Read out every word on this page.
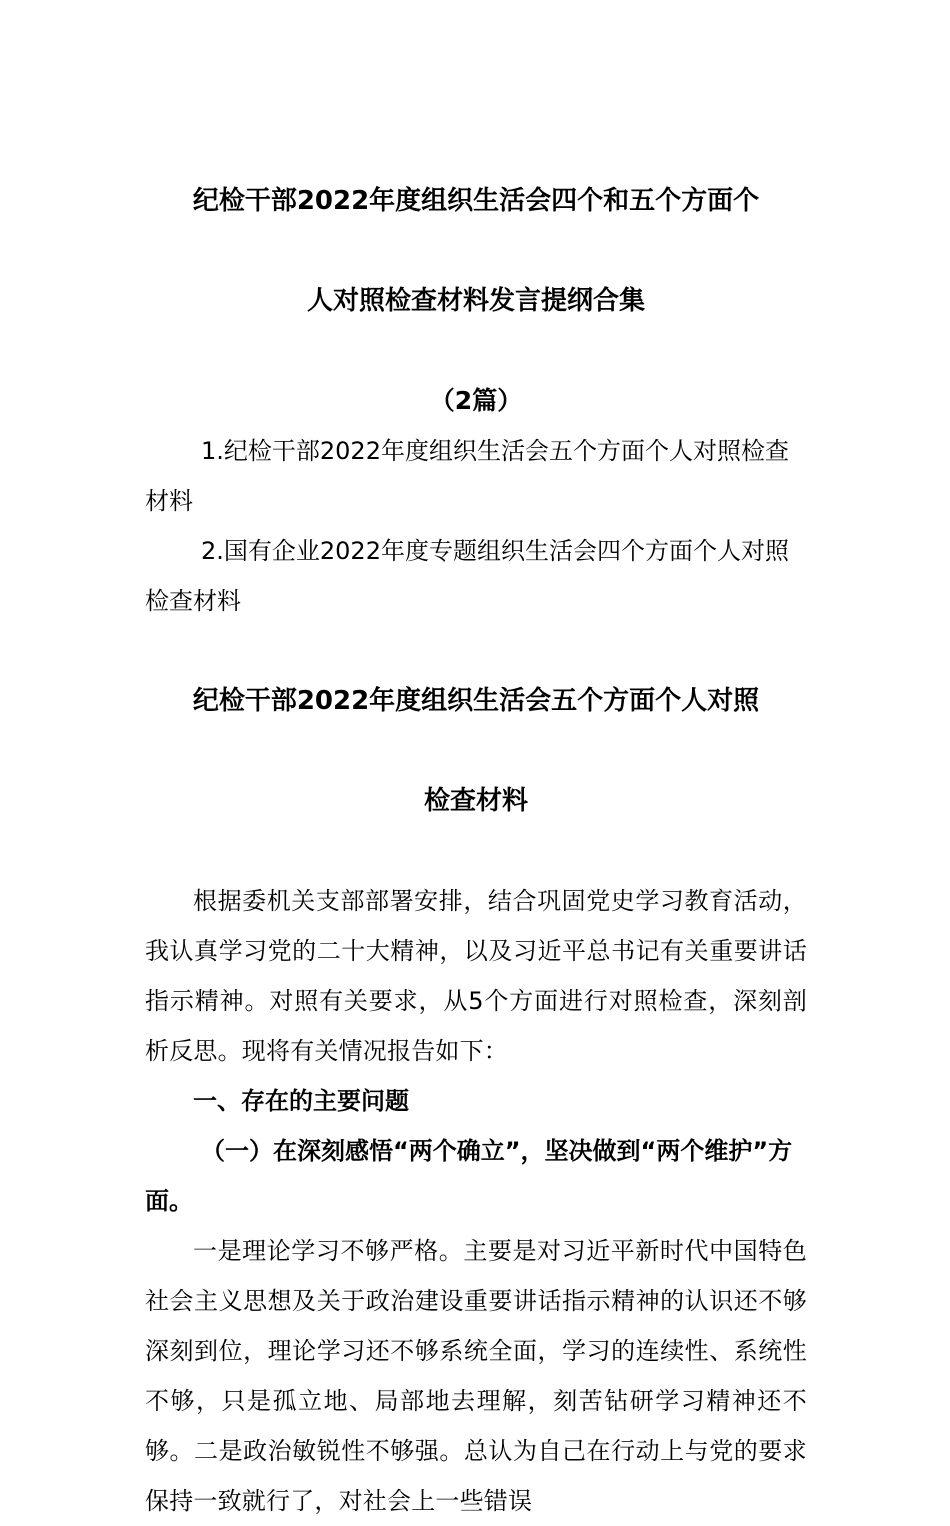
纪检干部2022年度组织生活会四个和五个方面个

人对照检查材料发言提纲合集

（2篇）

1.纪检干部2022年度组织生活会五个方面个人对照检查材料

2.国有企业2022年度专题组织生活会四个方面个人对照检查材料

纪检干部2022年度组织生活会五个方面个人对照

检查材料

根据委机关支部部署安排，结合巩固党史学习教育活动，我认真学习党的二十大精神，以及习近平总书记有关重要讲话指示精神。对照有关要求，从5个方面进行对照检查，深刻剖析反思。现将有关情况报告如下：

一、存在的主要问题

（一）在深刻感悟“两个确立”，坚决做到“两个维护”方面。

一是理论学习不够严格。主要是对习近平新时代中国特色社会主义思想及关于政治建设重要讲话指示精神的认识还不够深刻到位，理论学习还不够系统全面，学习的连续性、系统性不够，只是孤立地、局部地去理解，刻苦钻研学习精神还不够。二是政治敏锐性不够强。总认为自己在行动上与党的要求保持一致就行了，对社会上一些错误
